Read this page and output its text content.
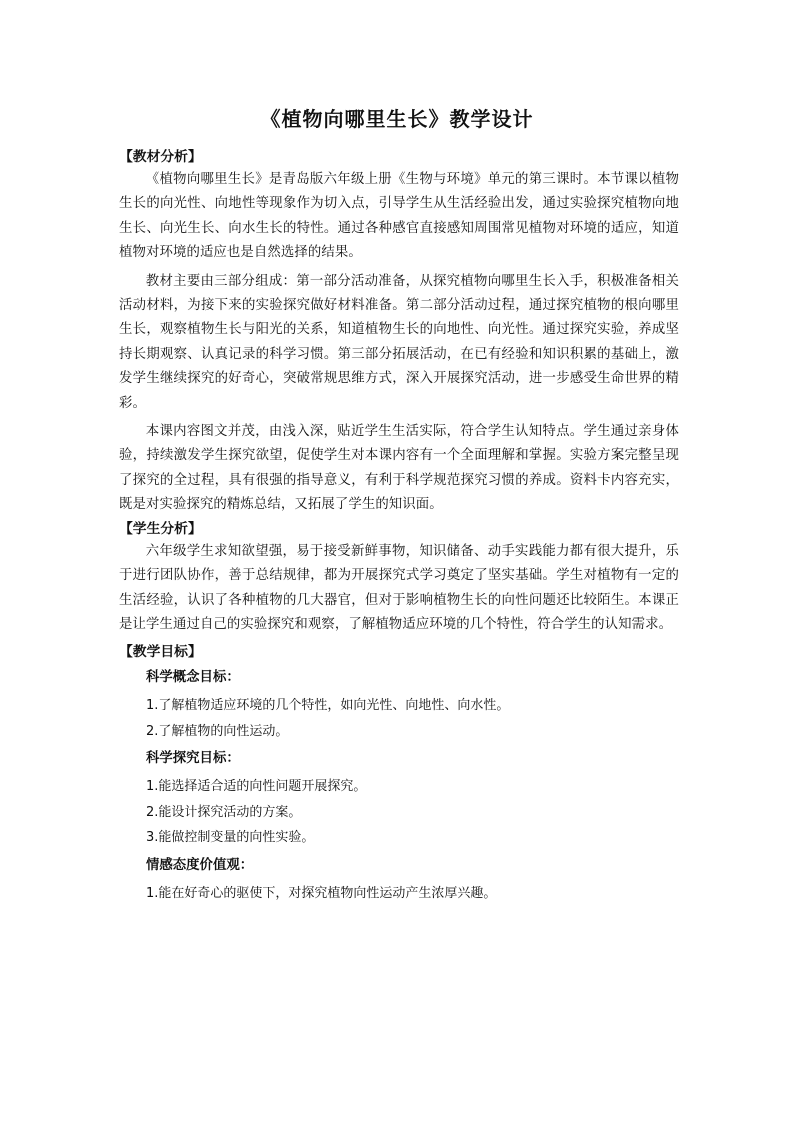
《植物向哪里生长》教学设计
【教材分析】

《植物向哪里生长》是青岛版六年级上册《生物与环境》单元的第三课时。本节课以植物生长的向光性、向地性等现象作为切入点，引导学生从生活经验出发，通过实验探究植物向地生长、向光生长、向水生长的特性。通过各种感官直接感知周围常见植物对环境的适应，知道植物对环境的适应也是自然选择的结果。

教材主要由三部分组成：第一部分活动准备，从探究植物向哪里生长入手，积极准备相关活动材料，为接下来的实验探究做好材料准备。第二部分活动过程，通过探究植物的根向哪里生长，观察植物生长与阳光的关系，知道植物生长的向地性、向光性。通过探究实验，养成坚持长期观察、认真记录的科学习惯。第三部分拓展活动，在已有经验和知识积累的基础上，激发学生继续探究的好奇心，突破常规思维方式，深入开展探究活动，进一步感受生命世界的精彩。

本课内容图文并茂，由浅入深，贴近学生生活实际，符合学生认知特点。学生通过亲身体验，持续激发学生探究欲望，促使学生对本课内容有一个全面理解和掌握。实验方案完整呈现了探究的全过程，具有很强的指导意义，有利于科学规范探究习惯的养成。资料卡内容充实，既是对实验探究的精炼总结，又拓展了学生的知识面。

【学生分析】

六年级学生求知欲望强，易于接受新鲜事物，知识储备、动手实践能力都有很大提升，乐于进行团队协作，善于总结规律，都为开展探究式学习奠定了坚实基础。学生对植物有一定的生活经验，认识了各种植物的几大器官，但对于影响植物生长的向性问题还比较陌生。本课正是让学生通过自己的实验探究和观察，了解植物适应环境的几个特性，符合学生的认知需求。

【教学目标】
科学概念目标：
1.了解植物适应环境的几个特性，如向光性、向地性、向水性。
2.了解植物的向性运动。
科学探究目标：
1.能选择适合适的向性问题开展探究。
2.能设计探究活动的方案。
3.能做控制变量的向性实验。
情感态度价值观：
1.能在好奇心的驱使下，对探究植物向性运动产生浓厚兴趣。
